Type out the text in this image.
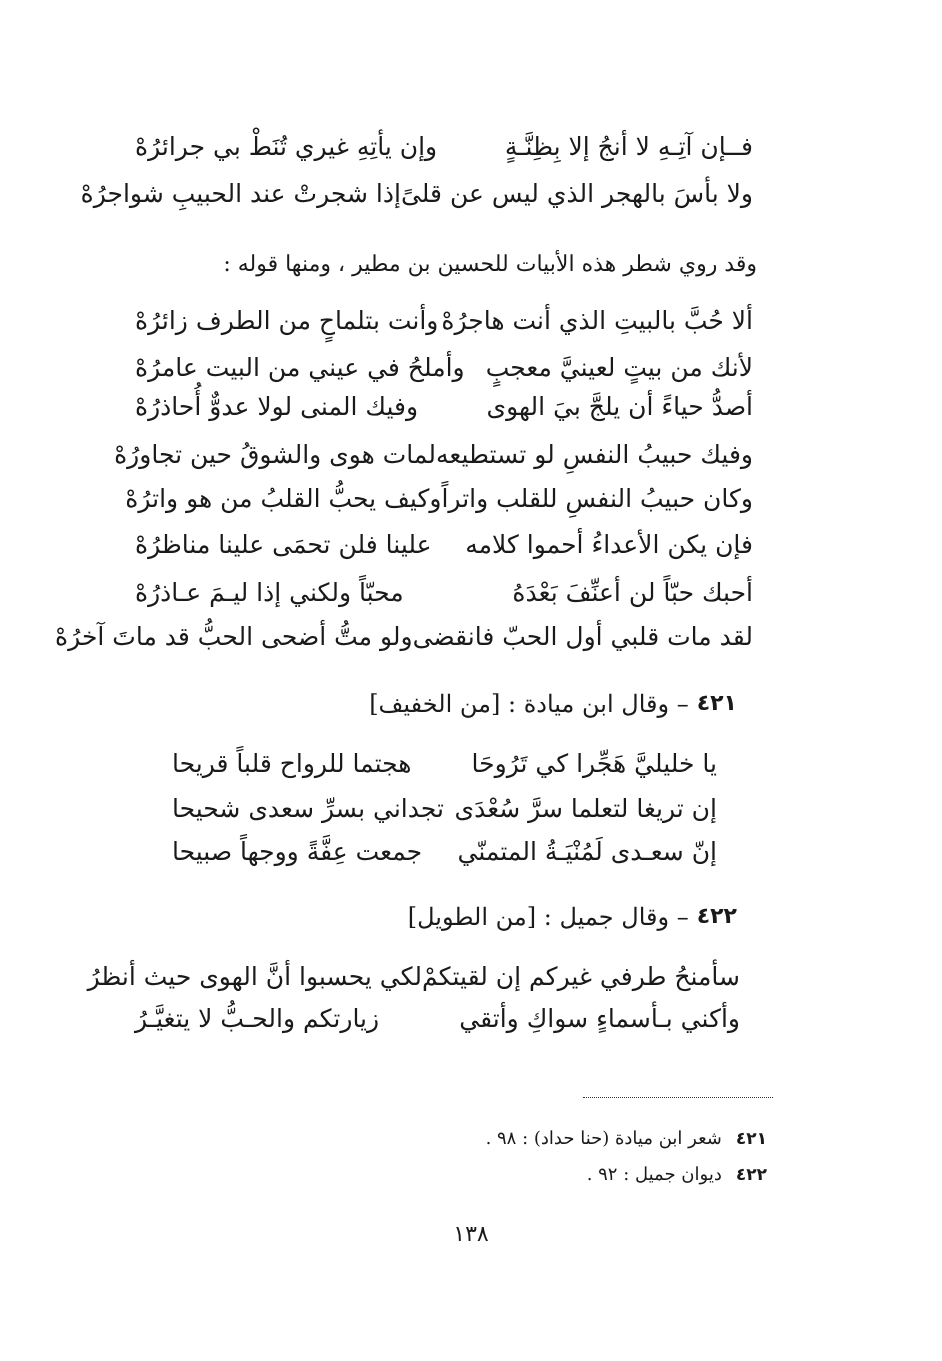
فــإن آتِـهِ لا أنجُ إلا بِظِنَّـةٍ
وإن يأتِهِ غيري تُنَطْ بي جرائرُهْ
ولا بأسَ بالهجر الذي ليس عن قلىً
إذا شجرتْ عند الحبيبِ شواجرُهْ
وقد روي شطر هذه الأبيات للحسين بن مطير ، ومنها قوله :
ألا حُبَّ بالبيتِ الذي أنت هاجرُهْ
وأنت بتلماحٍ من الطرف زائرُهْ
لأنك من بيتٍ لعينيَّ معجبٍ
وأملحُ في عيني من البيت عامرُهْ
أصدُّ حياءً أن يلجَّ بيَ الهوى
وفيك المنى لولا عدوٌّ أُحاذرُهْ
وفيك حبيبُ النفسِ لو تستطيعه
لمات هوى والشوقُ حين تجاورُهْ
وكان حبيبُ النفسِ للقلب واتراً
وكيف يحبُّ القلبُ من هو واترُهْ
فإن يكن الأعداءُ أحموا كلامه
علينا فلن تحمَى علينا مناظرُهْ
أحبك حبّاً لن أعنِّفَ بَعْدَهُ
محبّاً ولكني إذا ليـمَ عـاذرُهْ
لقد مات قلبي أول الحبّ فانقضى
ولو متُّ أضحى الحبُّ قد ماتَ آخرُهْ
٤٢١
– وقال ابن ميادة : [من الخفيف]
يا خليليَّ هَجِّرا كي تَرُوحَا
هجتما للرواح قلباً قريحا
إن تريغا لتعلما سرَّ سُعْدَى
تجداني بسرِّ سعدى شحيحا
إنّ سعـدى لَمُنْيَـةُ المتمنّي
جمعت عِفَّةً ووجهاً صبيحا
٤٢٢
– وقال جميل : [من الطويل]
سأمنحُ طرفي غيركم إن لقيتكمْ
لكي يحسبوا أنَّ الهوى حيث أنظرُ
وأكني بـأسماءٍ سواكِ وأتقي
زيارتكم والحـبُّ لا يتغيَّـرُ
٤٢١
شعر ابن ميادة (حنا حداد) : ٩٨ .
٤٢٢
ديوان جميل : ٩٢ .
١٣٨
